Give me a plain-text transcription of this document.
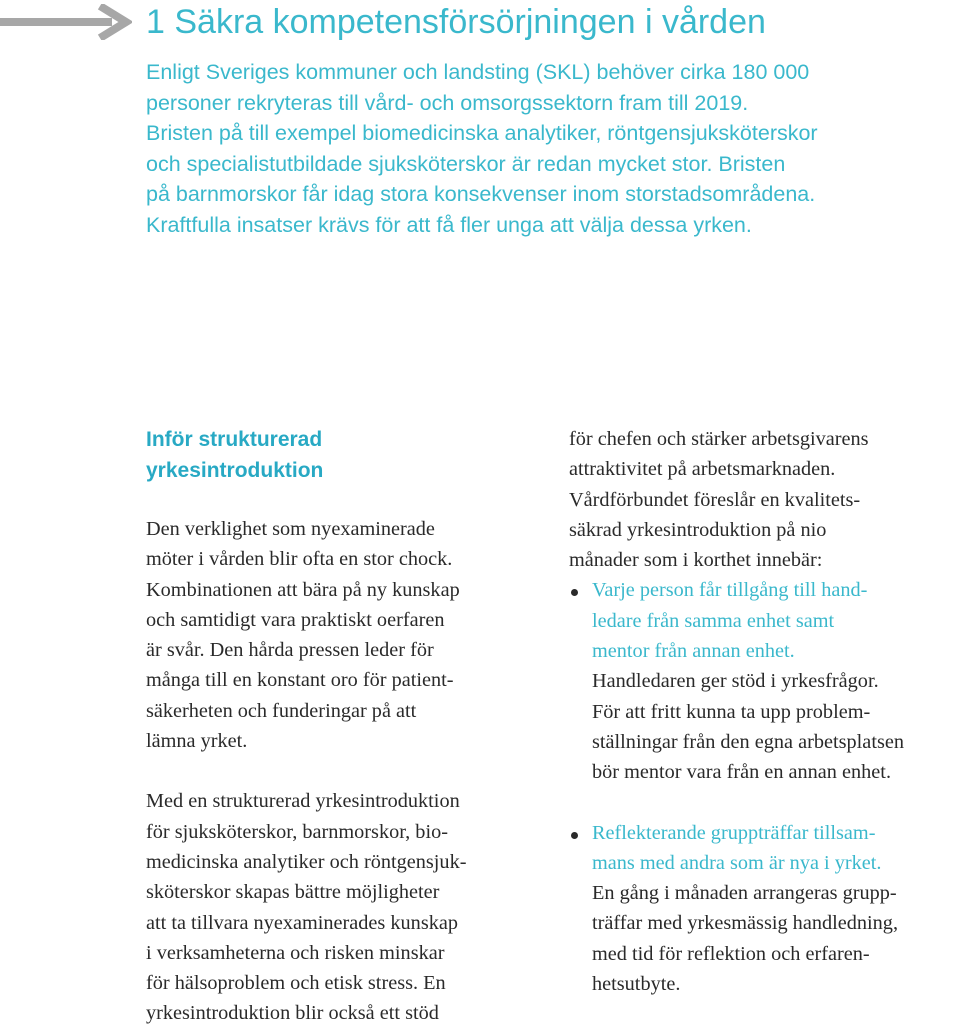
1 Säkra kompetensförsörjningen i vården

Enligt Sveriges kommuner och landsting (SKL) behöver cirka 180 000

personer rekryteras till vård- och omsorgssektorn fram till 2019.

Bristen på till exempel biomedicinska analytiker, röntgensjuksköterskor

och specialistutbildade sjuksköterskor är redan mycket stor. Bristen

på barnmorskor får idag stora konsekvenser inom storstadsområdena.

Kraftfulla insatser krävs för att få fler unga att välja dessa yrken.

Inför strukturerad
yrkesintroduktion

Den verklighet som nyexaminerade

möter i vården blir ofta en stor chock.

Kombinationen att bära på ny kunskap

och samtidigt vara praktiskt oerfaren

är svår. Den hårda pressen leder för

många till en konstant oro för patient-

säkerheten och funderingar på att

lämna yrket.

Med en strukturerad yrkesintroduktion

för sjuksköterskor, barnmorskor, bio-

medicinska analytiker och röntgensjuk-

sköterskor skapas bättre möjligheter

att ta tillvara nyexaminerades kunskap

i verksamheterna och risken minskar

för hälsoproblem och etisk stress. En

yrkesintroduktion blir också ett stöd

för chefen och stärker arbetsgivarens

attraktivitet på arbetsmarknaden.

Vårdförbundet föreslår en kvalitets-

säkrad yrkesintroduktion på nio

månader som i korthet innebär:

Varje person får tillgång till hand-

ledare från samma enhet samt

mentor från annan enhet.

Handledaren ger stöd i yrkesfrågor.

För att fritt kunna ta upp problem-

ställningar från den egna arbetsplatsen

bör mentor vara från en annan enhet.

Reflekterande gruppträffar tillsam-

mans med andra som är nya i yrket.

En gång i månaden arrangeras grupp-

träffar med yrkesmässig handledning,

med tid för reflektion och erfaren-

hetsutbyte.
